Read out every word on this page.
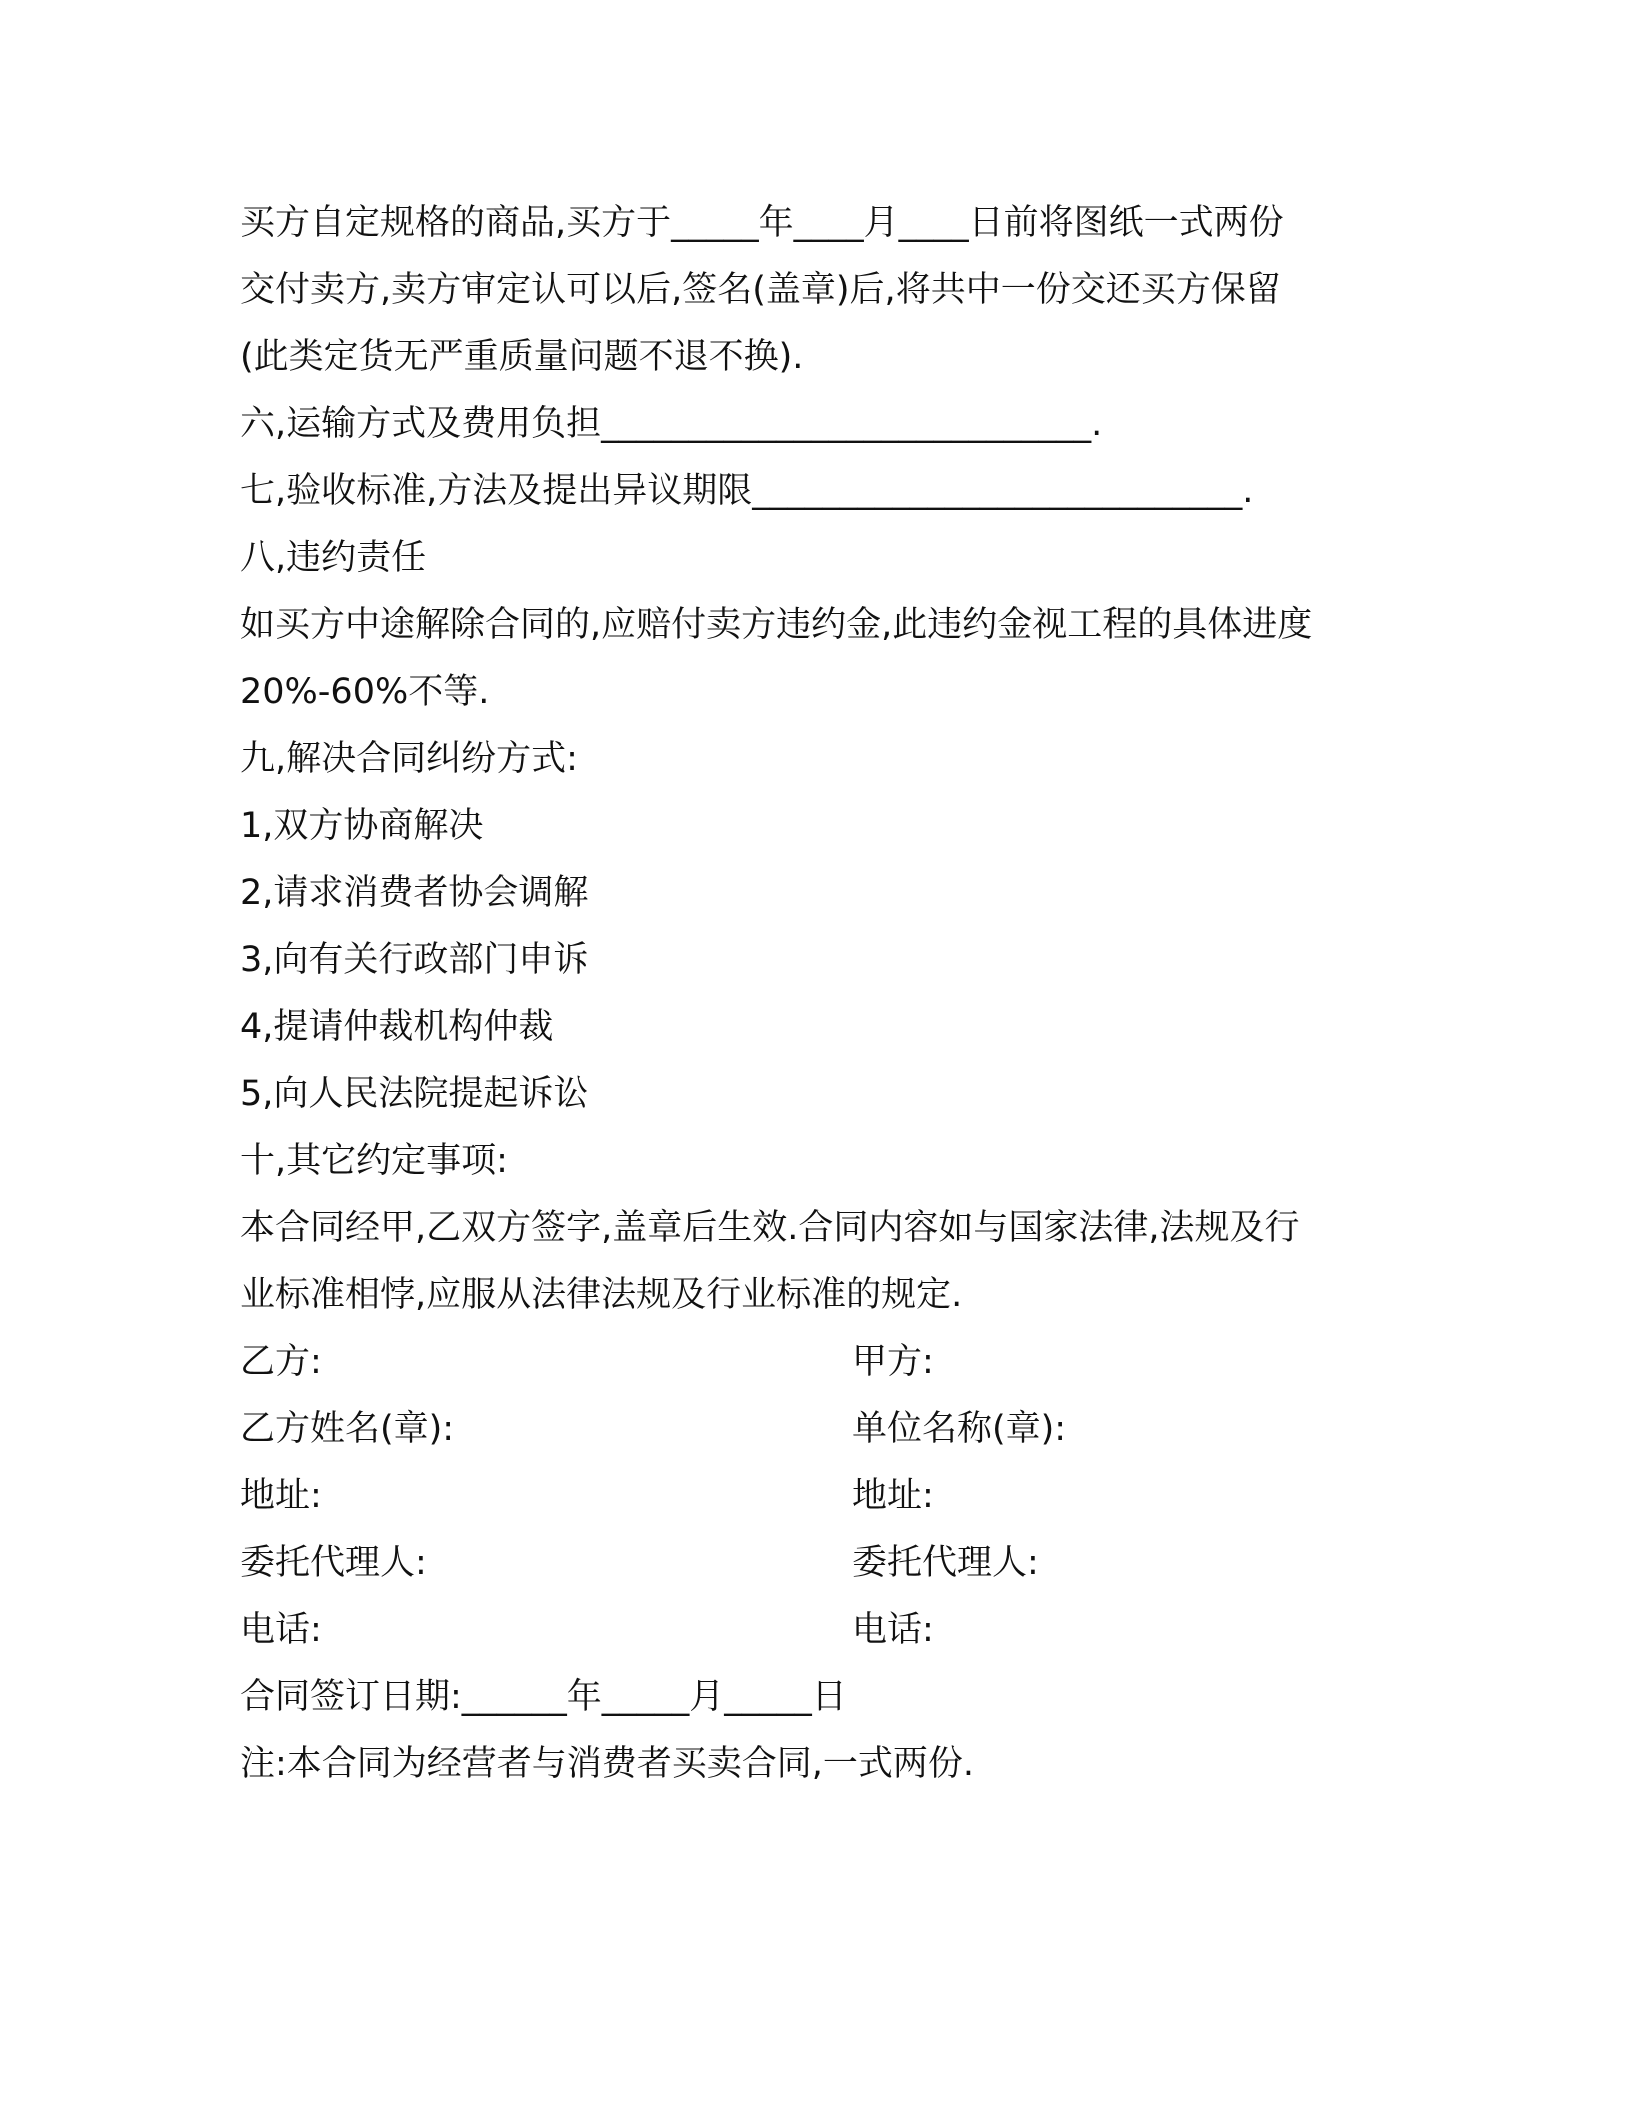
买方自定规格的商品,买方于_____年____月____日前将图纸一式两份
交付卖方,卖方审定认可以后,签名(盖章)后,将共中一份交还买方保留
(此类定货无严重质量问题不退不换).
六,运输方式及费用负担____________________________.
七,验收标准,方法及提出异议期限____________________________.
八,违约责任
如买方中途解除合同的,应赔付卖方违约金,此违约金视工程的具体进度
20%-60%不等.
九,解决合同纠纷方式:
1,双方协商解决
2,请求消费者协会调解
3,向有关行政部门申诉
4,提请仲裁机构仲裁
5,向人民法院提起诉讼
十,其它约定事项:
本合同经甲,乙双方签字,盖章后生效.合同内容如与国家法律,法规及行
业标准相悖,应服从法律法规及行业标准的规定.
乙方:	甲方:
乙方姓名(章):	单位名称(章):
地址:	地址:
委托代理人:	委托代理人:
电话:	电话:
合同签订日期:______年_____月_____日
注:本合同为经营者与消费者买卖合同,一式两份.
